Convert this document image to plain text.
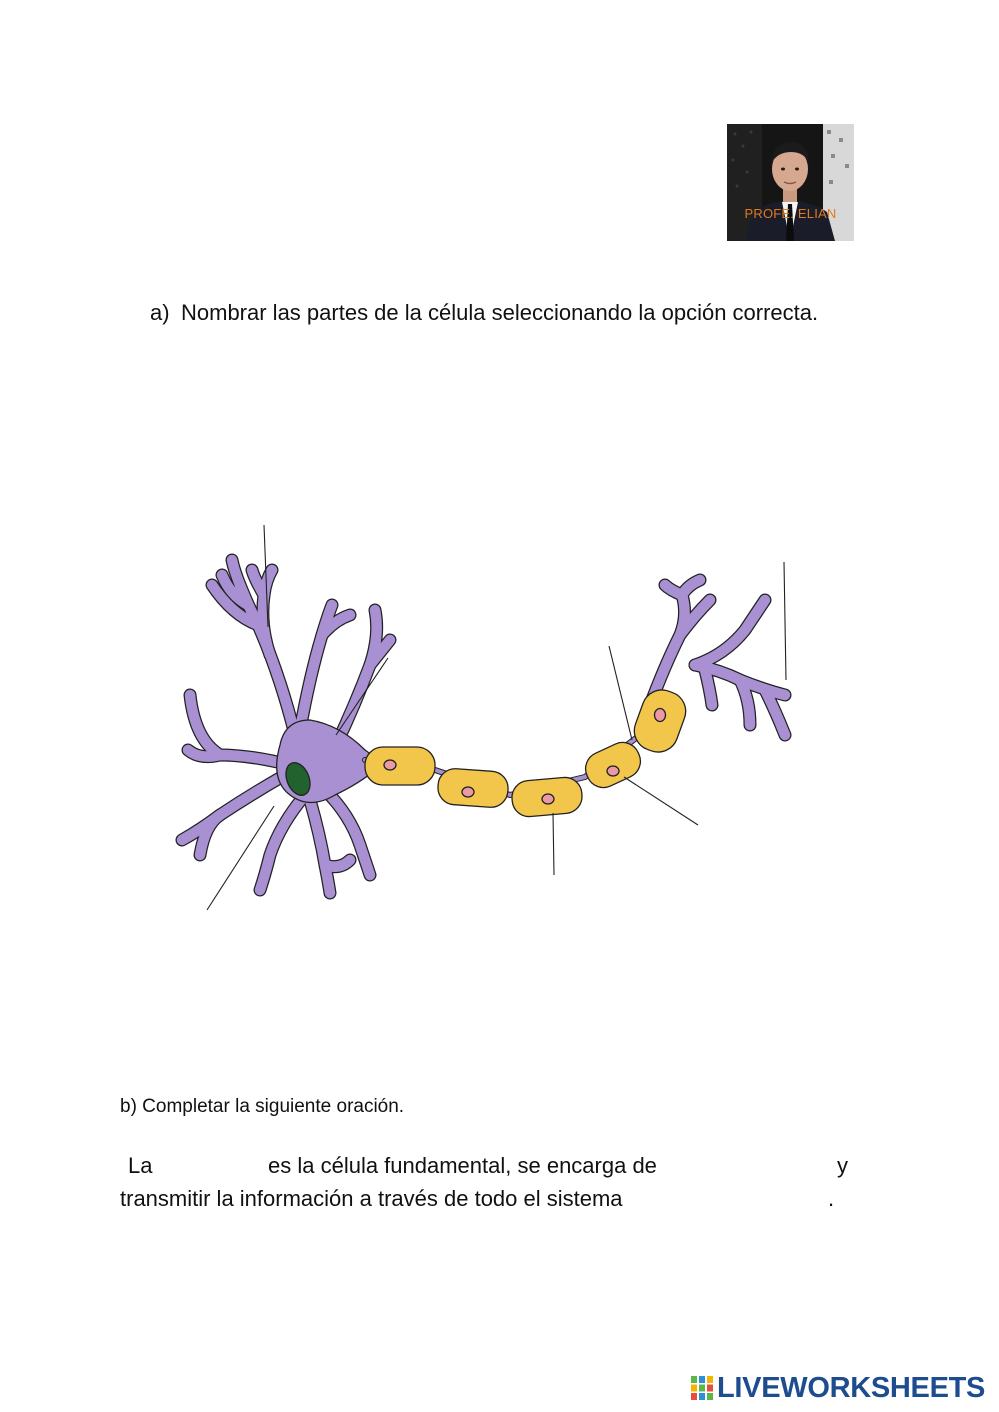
PROFE. ELIAN
a) Nombrar las partes de la célula seleccionando la opción correcta.
b) Completar la siguiente oración.
La	es la célula fundamental, se encarga de	y
transmitir la información a través de todo el sistema	.
LIVEWORKSHEETS
